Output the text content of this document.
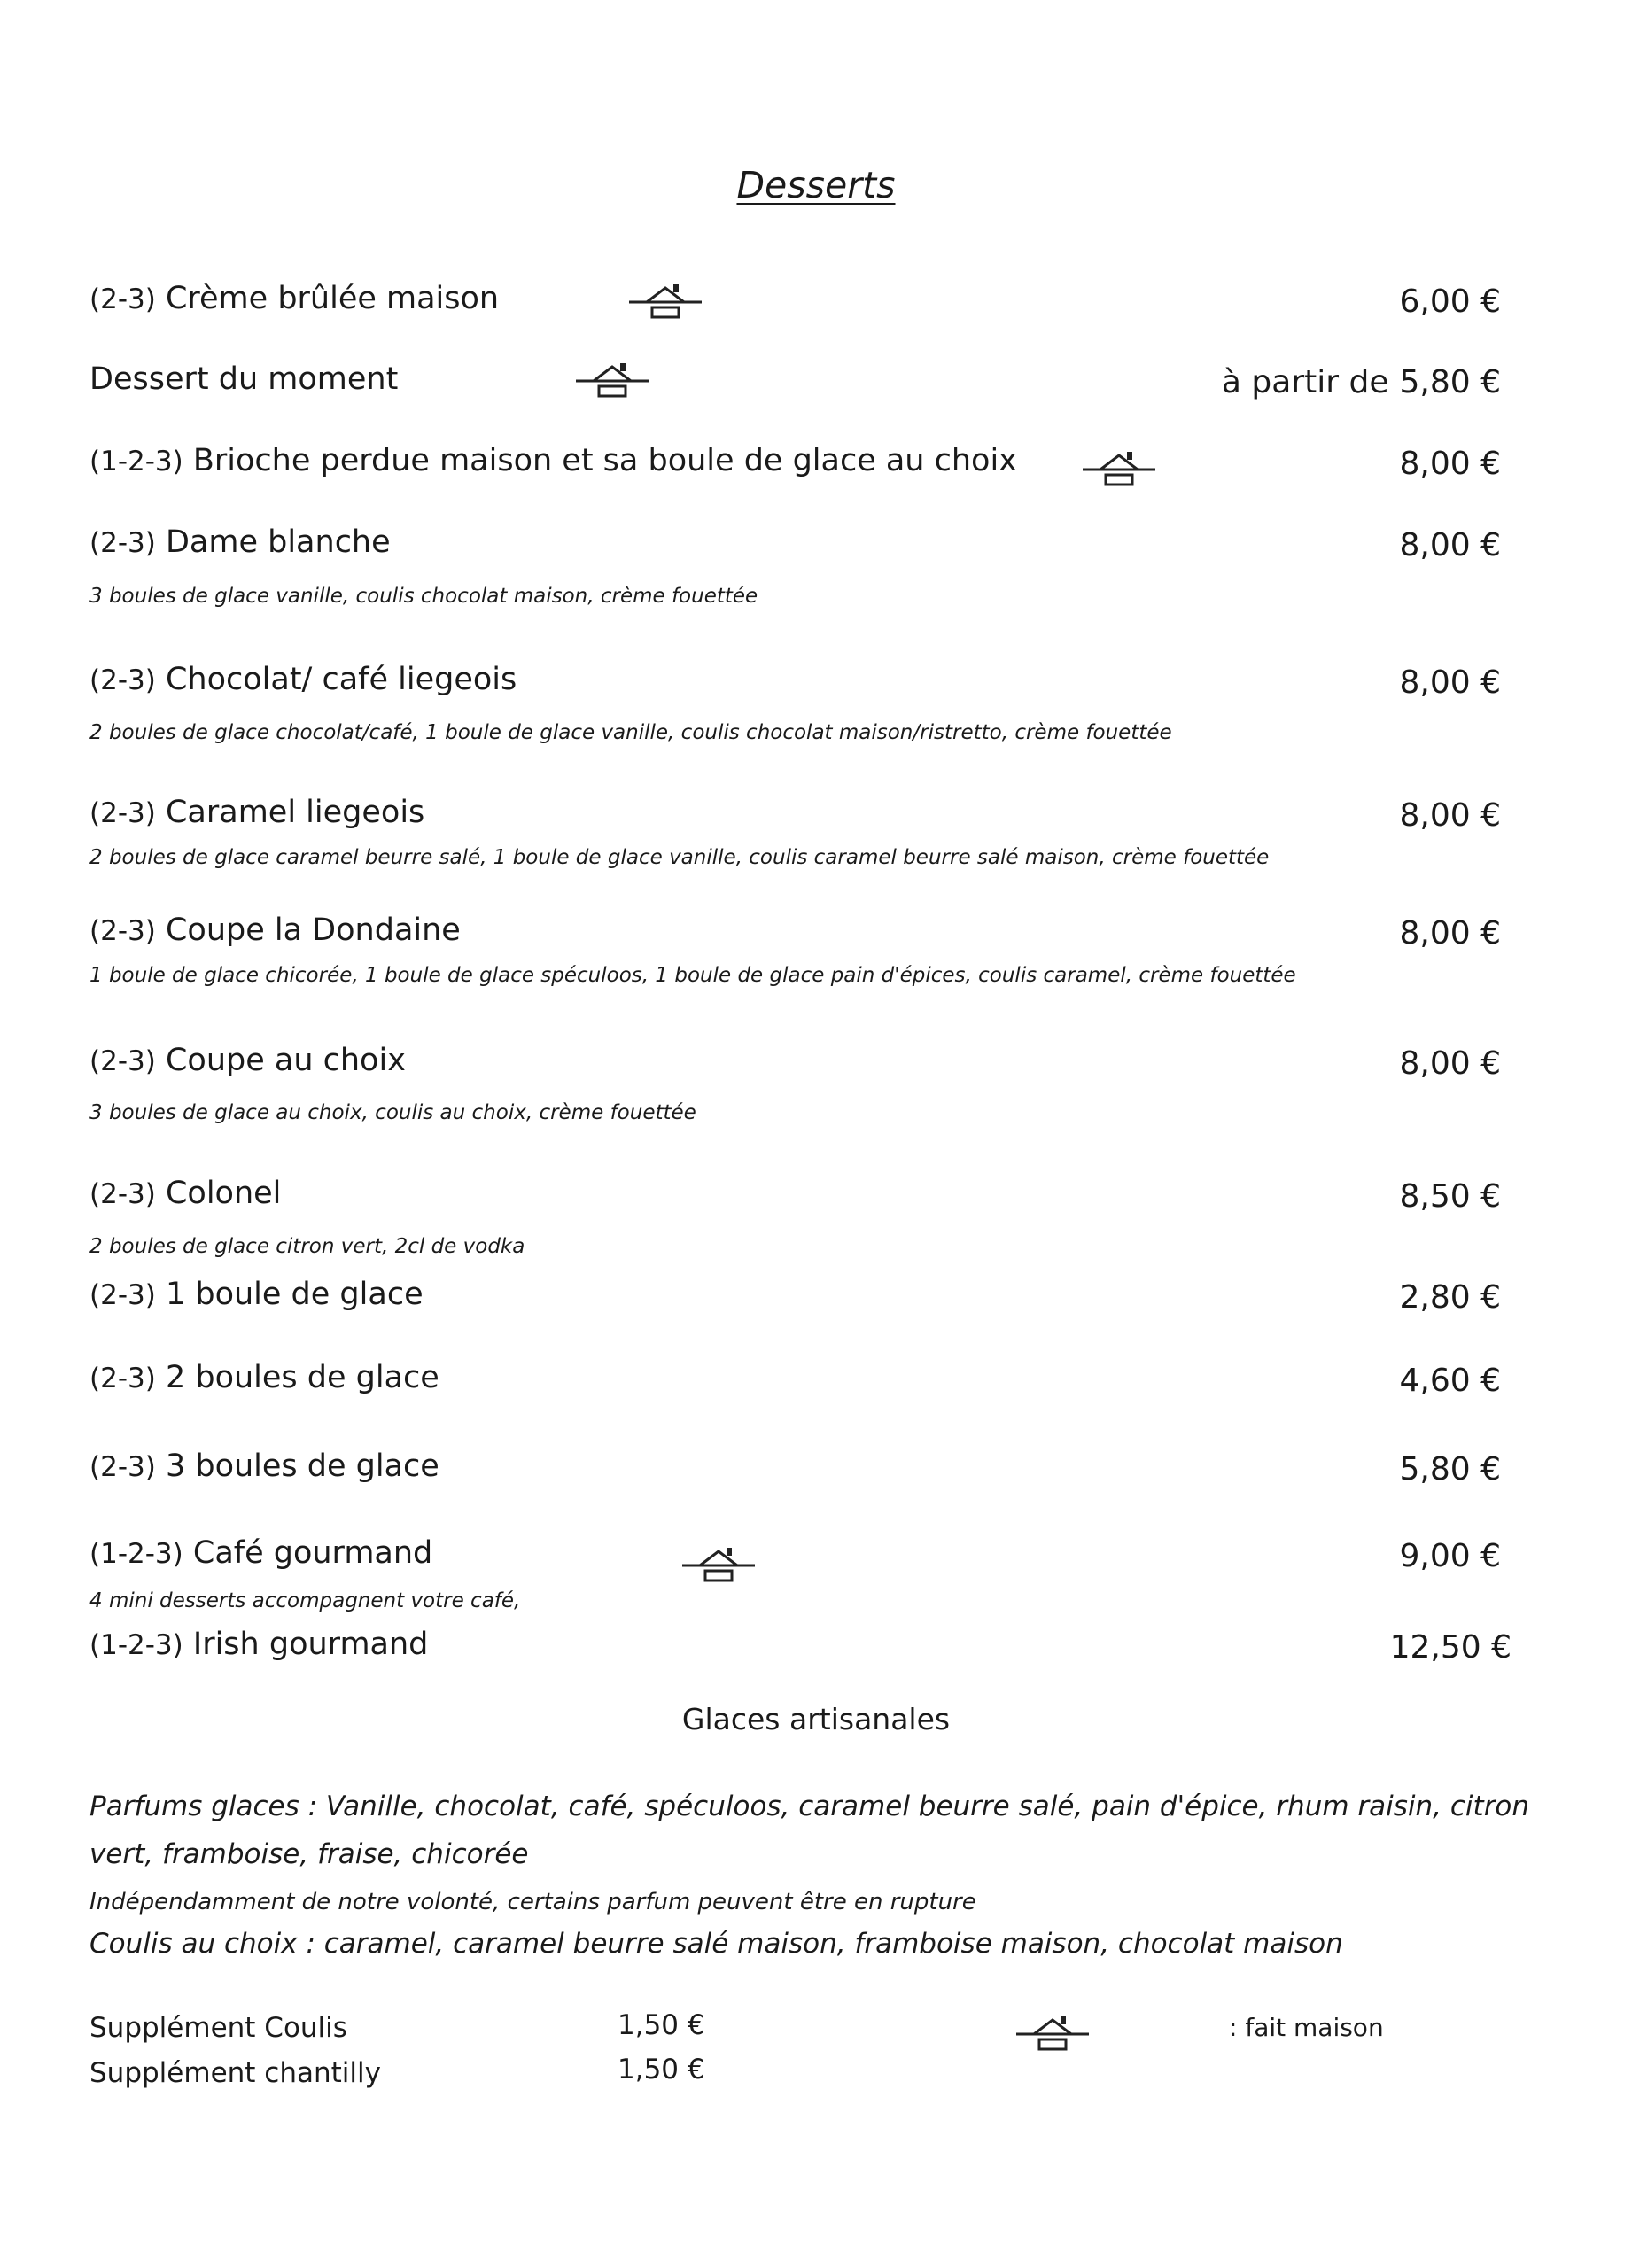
Desserts
(2-3) Crème brûlée maison	6,00 €
Dessert du moment	à partir de 5,80 €
(1-2-3) Brioche perdue maison et sa boule de glace au choix	8,00 €
(2-3) Dame blanche	8,00 €
3 boules de glace vanille, coulis chocolat maison, crème fouettée
(2-3) Chocolat/ café liegeois	8,00 €
2 boules de glace chocolat/café, 1 boule de glace vanille, coulis chocolat maison/ristretto, crème fouettée
(2-3) Caramel liegeois	8,00 €
2 boules de glace caramel beurre salé, 1 boule de glace vanille, coulis caramel beurre salé maison, crème fouettée
(2-3) Coupe la Dondaine	8,00 €
1 boule de glace chicorée, 1 boule de glace spéculoos, 1 boule de glace pain d'épices, coulis caramel, crème fouettée
(2-3) Coupe au choix	8,00 €
3 boules de glace au choix, coulis au choix, crème fouettée
(2-3) Colonel	8,50 €
2 boules de glace citron vert, 2cl de vodka
(2-3) 1 boule de glace	2,80 €
(2-3) 2 boules de glace	4,60 €
(2-3) 3 boules de glace	5,80 €
(1-2-3) Café gourmand	9,00 €
4 mini desserts accompagnent votre café,
(1-2-3) Irish gourmand	12,50 €
Glaces artisanales
Parfums glaces : Vanille, chocolat, café, spéculoos, caramel beurre salé, pain d'épice, rhum raisin, citron
vert, framboise, fraise, chicorée
Indépendamment de notre volonté, certains parfum peuvent être en rupture
Coulis au choix : caramel, caramel beurre salé maison, framboise maison, chocolat maison
Supplément Coulis	1,50 €
Supplément chantilly	1,50 €
: fait maison
